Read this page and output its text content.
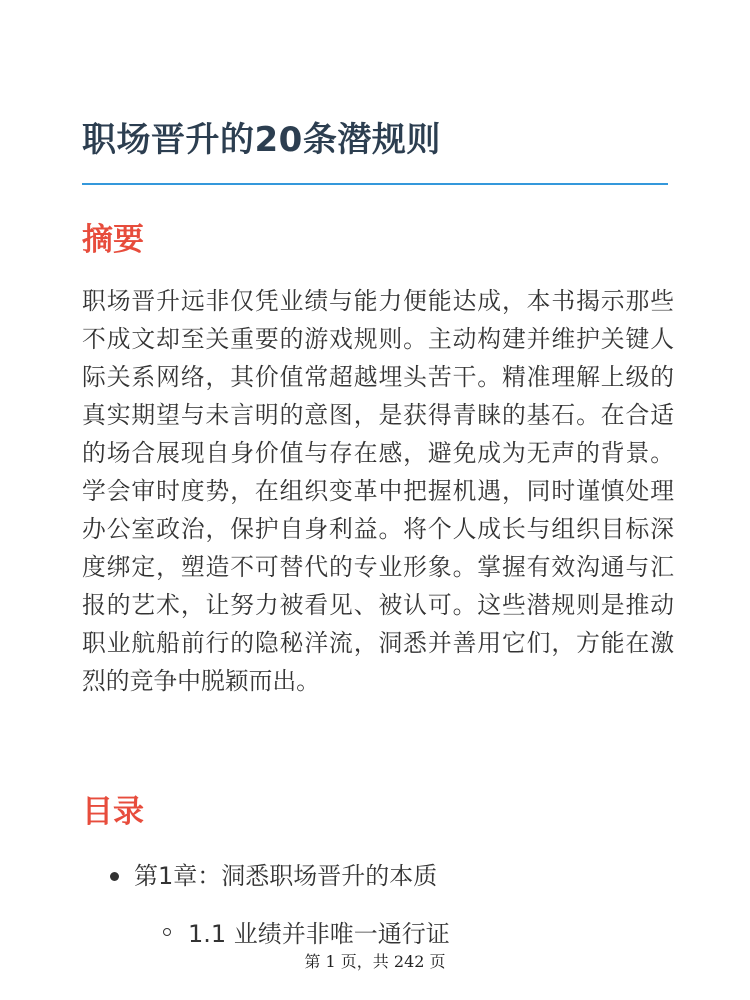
职场晋升的20条潜规则
摘要

职场晋升远非仅凭业绩与能力便能达成，本书揭示那些不成文却至关重要的游戏规则。主动构建并维护关键人际关系网络，其价值常超越埋头苦干。精准理解上级的真实期望与未言明的意图，是获得青睐的基石。在合适的场合展现自身价值与存在感，避免成为无声的背景。学会审时度势，在组织变革中把握机遇，同时谨慎处理办公室政治，保护自身利益。将个人成长与组织目标深度绑定，塑造不可替代的专业形象。掌握有效沟通与汇报的艺术，让努力被看见、被认可。这些潜规则是推动职业航船前行的隐秘洋流，洞悉并善用它们，方能在激烈的竞争中脱颖而出。

目录
第1章：洞悉职场晋升的本质
1.1 业绩并非唯一通行证
第 1 页，共 242 页
